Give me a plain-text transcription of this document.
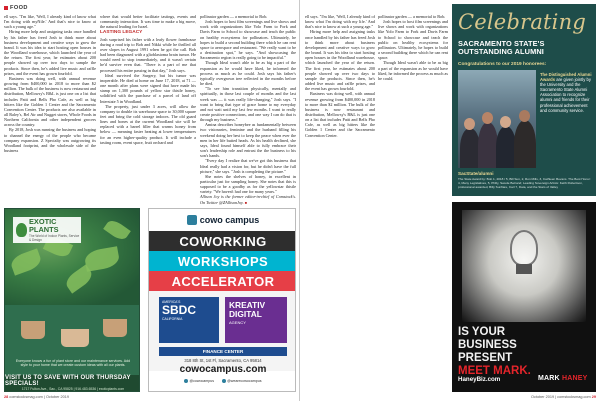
FOOD

ell says. "I'm like, 'Well, I already kind of know what I'm doing with myNile.' And that's nice to know at such a young age."

Hiring more help and assigning tasks once handled by his father has freed Josh to think more about business development and creative ways to grow the brand. It was his idea to start hosting open houses in the Woodland warehouse, which launched the year of the return. The first year, he estimates about 200 people showed up over two days to sample the products. Since then, he's added live music and raffle prizes, and the event has grown fourfold.

Business was doing well, with annual revenue growing from $400,000 in 2018 to more than $2 million. The bulk of the business is now restaurant and distribution, Mellowsy's B&L is just one on a list that includes Patti and Bells Pho Cafe, as well as big hitters like the Golden 1 Center and the Sacramento Convention Center. The products are also available in all Raley's, Bel Air and Nugget stores, Whole Foods in Northern California and other independent grocers across the country.

By 2018, Josh was running the business and hoping to channel the energy of the people who became company expansion. Z Specialty was outgrowing its Woodland footprint, and the wholesale side of the business

where that would better facilitate tastings, events and community interaction. It was time to make a big move, the natural leading for Israel.

LASTING LEGACY

Josh surprised his father with a leafy flower farmhouse during a road trip to Bob and Nikki while he thrilled all over slopes in August 1991 when he got the call. Bob had been diagnosed with a glioblastoma brain tumor. He would need to stop immediately, and it wasn't certain he'd survive even that. "There is a part of me that processed his entire passing in that day," Josh says.

Ideal survived the Surgery, but his tumor was inoperable. He died at home on June 17, 2018, at 71 — one month after plans were signed that have made his stamp on 1,300 pounds of yellow star thistle honey, solidified with the purchase of a parcel of land off Interstate 5 in Woodland.

The property, just under 3 acres, will allow the company to double its warehouse space to 30,000 square feet and bring the cold storage indoors. The old guard lines and bones at the current Woodland site will be replaced with a barrel filler that warms honey from below — meaning faster heating at lower temperatures for an even higher-quality product. It will include a tasting room, event space, fruit orchard and

pollinator garden — a memorial to Bob.

Josh hopes to host film screenings and live shows and work with organizations like Yolo Farm to Fork and Davis Farm to School to showcase and teach the public on healthy ecosystems for pollinators. Ultimately, he hopes to build a second building there which he can rent space to aerospace and restaurant. "We really want to be a destination spot," he says. "And showcasing the Sacramento region is really going to be impactful."

Though Ideal wasn't able to be as big a part of the expansion as he would have liked, he informed the process as much as he could. Josh says his father's typically overgrown tree reflected in the months before he died.

"To see him transition physically, mentally and spiritually, in those last couple of months and the last week was — it was really life-changing," Josh says. "I want to bring that type of grace home to my everyday and not wait until my last few months. I want to really create positive connections, and one way I can do that is through my business."

Amina describes honeybee as fundamentally between two visionaries, feminine and the husband filling his weekend doing her best to keep the peace when ever the men in her life butted heads. As his health declined, she says, Ideal found himself able to fully embrace their son's leadership role and entrust the the business to his son's hands.

"Every day I realize that we've got this business that Ideal really had a vision for, but he didn't have the full picture," she says. "Josh is completing the picture."

She notes the shelves of honey, in excellent in particular just for sampling honey. She notes that this is supposed to be a goodby as for the yellowstar thistle variety. "We haven't had one for many years."

Allison Joy is the former editor-in-chief of Comstock's. On Twitter @ZAllisonJoy. ■

EXOTIC
PLANTS
The World of Indoor Plants, Service & Design
Everyone knows a fun of plant store and our maintenance services. Add style to your home that we create custom ideas with all our plants.
VISIT US TO SAVE WITH OUR THURSDAY SPECIALS!
1717 Fulton Ave., Sac., CA 95825 | 916.483.6536 | exoticplants.com
cowo campus
COWORKING
WORKSHOPS
ACCELERATOR
AMERICA'S
SBDC
CALIFORNIA
KREATIV
DIGITAL
AGENCY
FINANCE CENTER
318 8th St, 1st Fl, Sacramento, CA 95814
cowocampus.com
@cowocampus	@wearecowocampus
28 comstocksmag.com | October 2019

ell says. "I'm like, 'Well, I already kind of know what I'm doing with my life.' And that's nice to know at such a young age."

Hiring more help and assigning tasks once handled by his father has freed Josh to think more about business development and creative ways to grow the brand. It was his idea to start hosting open houses in the Woodland warehouse, which launched the year of the return. The first year, he estimates about 200 people showed up over two days to sample the products. Since then, he's added live music and raffle prizes, and the event has grown fourfold.

Business was doing well, with annual revenue growing from $400,000 in 2018 to more than $2 million. The bulk of the business is now restaurant and distribution, Mellowsy's B&L is just one on a list that includes Patti and Bells Pho Cafe, as well as big hitters like the Golden 1 Center and the Sacramento Convention Center.

pollinator garden — a memorial to Bob.

Josh hopes to host film screenings and live shows and work with organizations like Yolo Farm to Fork and Davis Farm to School to showcase and teach the public on healthy ecosystems for pollinators. Ultimately, he hopes to build a second building there which he can rent space.

Though Ideal wasn't able to be as big a part of the expansion as he would have liked, he informed the process as much as he could.

Celebrating
SACRAMENTO STATE'S OUTSTANDING ALUMNI
Congratulations to our 2019 honorees:
The Distinguished Alumni Awards are given jointly by the University and the Sacramento State Alumni Association to recognize alumni and friends for their professional achievement and community service.
SacState/alumni
The State Award by: Bob 1, 2018 / 5, Bill Sun, 2, Ron Mills, 3, Cathleen Bevans. The Best Honor: 4, Many Legislatives, 5, Philly, Swede Betrand; Leading Sovereign Artists: Keith Robertson, professional awarded, Billy Sunflare, Carl 7, Data, and the Stars of Valley
IS YOUR
BUSINESS
PRESENT
MEET MARK.
HaneyBiz.com	MARK HANEY
October 2019 | comstocksmag.com 29
